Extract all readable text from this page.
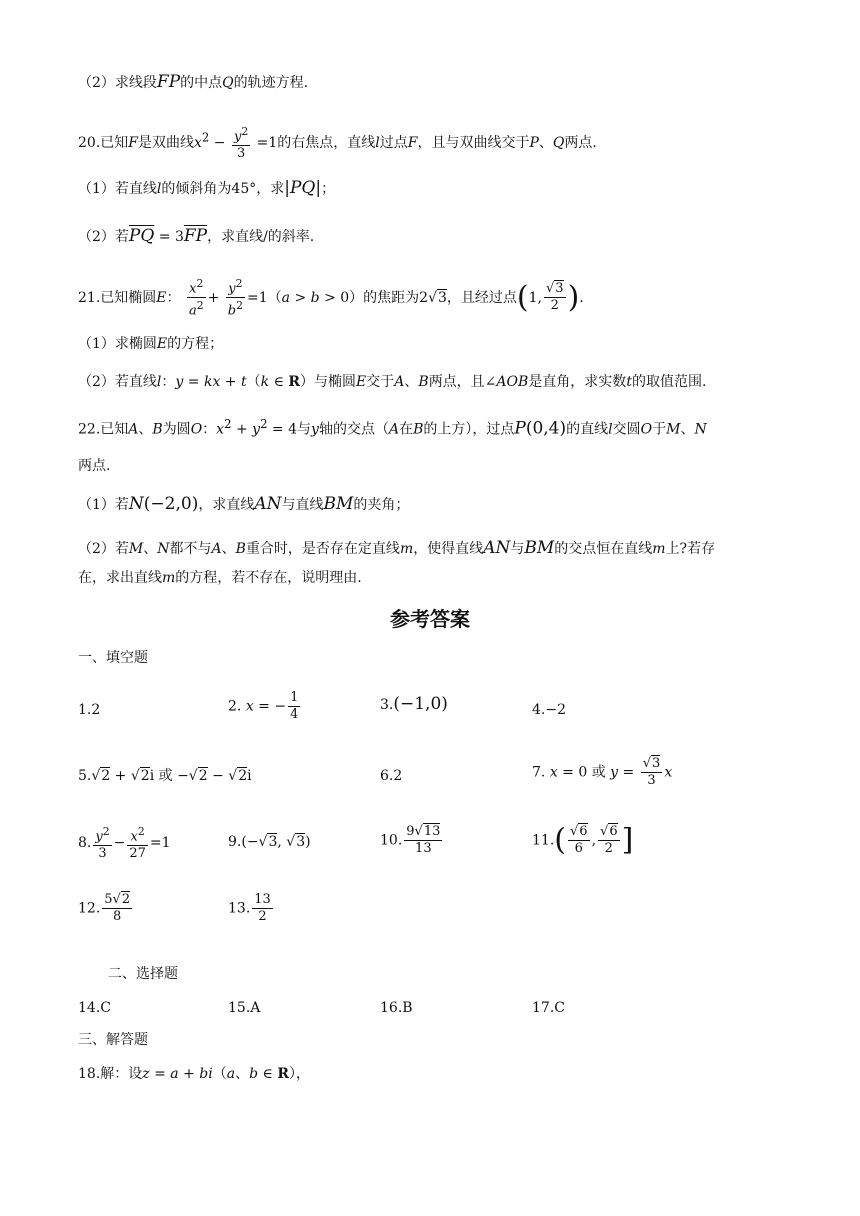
（2）求线段FP的中点Q的轨迹方程.
20.已知F是双曲线$x^2 - \frac{y^2}{3} =1$的右焦点，直线l过点F，且与双曲线交于P、Q两点.
（1）若直线l的倾斜角为45°，求|PQ|；
（2）若$\overline{PQ} = 3\overline{FP}$，求直线/的斜率.
21.已知椭圆E： $\frac{x^2}{a^2} + \frac{y^2}{b^2} =1(a > b > 0)$的焦距为2√3，且经过点(1, $\frac{√3}{2}$ ).
（1）求椭圆E的方程；
（2）若直线l：y = kx + t（k ∈ R）与椭圆E交于A、B两点，且∠AOB是直角，求实数t的取值范围.
22.已知A、B为圆O：$x^2 + y^2 = 4$与y轴的交点（A在B的上方），过点P(0,4)的直线l交圆O于M、N
两点.
（1）若N(−2,0)，求直线AN与直线BM的夹角；
（2）若M、N都不与A、B重合时，是否存在定直线m，使得直线AN与BM的交点恒在直线m上?若存
在，求出直线m的方程，若不存在，说明理由.
参考答案
一、填空题
1.2	2. x = − $\frac{1}{4}$	3.(−1,0)	4.−2
5.√2 + √2i 或 −√2 − √2i	6.2	7. x = 0 或 $y = \frac{√3}{3}$ x
8. $\frac{y^2}{3} - \frac{x^2}{27} =1$	9.(−√3, √3)	10. $\frac{9√13}{13}$	$11.( \frac{√6}{6}$ , $\frac{√6}{2}$ ]
12. $\frac{5√2}{8}$	13. $\frac{13}{2}$
二、选择题
14.C	15.A	16.B	17.C
三、解答题
18.解：设z = a + bi（a、b ∈ R），
